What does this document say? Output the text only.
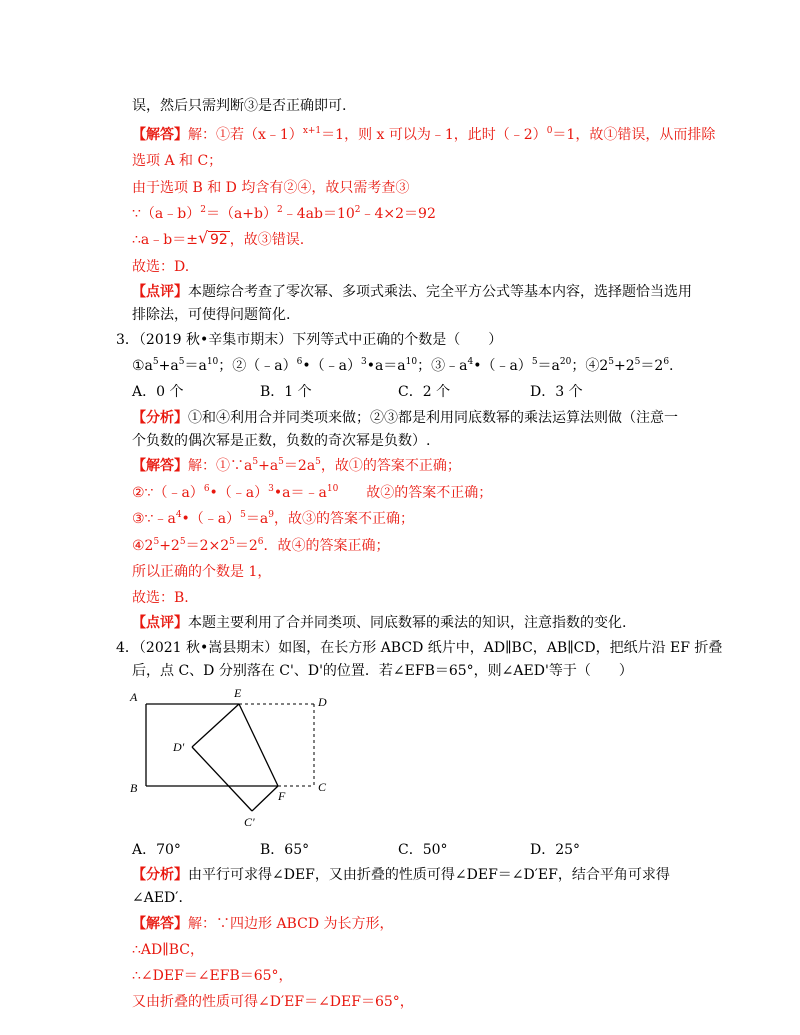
误，然后只需判断③是否正确即可.
【解答】解：①若（x﹣1）$^{x+1}$＝1，则 x 可以为﹣1，此时（﹣2）$^0$＝1，故①错误，从而排除
选项 A 和 C；
由于选项 B 和 D 均含有②④，故只需考查③
$\because(a﹣b)^2=(a+b)^2﹣4ab=10^2﹣4\times 2=92$
∴a﹣b＝± √ 92 ，故③错误.
故选：D.
【点评】本题综合考查了零次幂、多项式乘法、完全平方公式等基本内容，选择题恰当选用
排除法，可使得问题简化.
3．（2019 秋•辛集市期末）下列等式中正确的个数是（　　）
$①a^5+a^5=a^{10}$；$②(﹣a)^6•(﹣a)^3•a=a^{10}$；$③﹣a^4•(﹣a)^5=a^{20}$；$④2^5+2^5=2^6$.
A．0 个	B．1 个	C．2 个	D．3 个
【分析】①和④利用合并同类项来做；②③都是利用同底数幂的乘法运算法则做（注意一
个负数的偶次幂是正数，负数的奇次幂是负数）.
【解答】解：$①\because a^5+a^5=2a^5$，故①的答案不正确；
$②\because(﹣a)^6•(﹣a)^3•a=﹣a^{10}$ 故②的答案不正确；
$③\because﹣a^4•(﹣a)^5=a^9$，故③的答案不正确；
$④2^5+2^5=2\times 2^5=2^6$．故④的答案正确；
所以正确的个数是 1，
故选：B.
【点评】本题主要利用了合并同类项、同底数幂的乘法的知识，注意指数的变化.
4．（2021 秋•嵩县期末）如图，在长方形 ABCD 纸片中，AD∥BC，AB∥CD，把纸片沿 EF 折叠
后，点 C、D 分别落在 C'、D'的位置．若∠EFB＝65°，则∠AED'等于（　　）
A
B	C
D
E
F
D'
C'
A．70°	B．65°	C．50°	D．25°
【分析】由平行可求得∠DEF，又由折叠的性质可得∠DEF＝∠D′EF，结合平角可求得
∠AED′．
【解答】解：∵四边形 ABCD 为长方形，
∴AD∥BC，
∴∠DEF＝∠EFB＝65°，
又由折叠的性质可得∠D′EF＝∠DEF＝65°，
